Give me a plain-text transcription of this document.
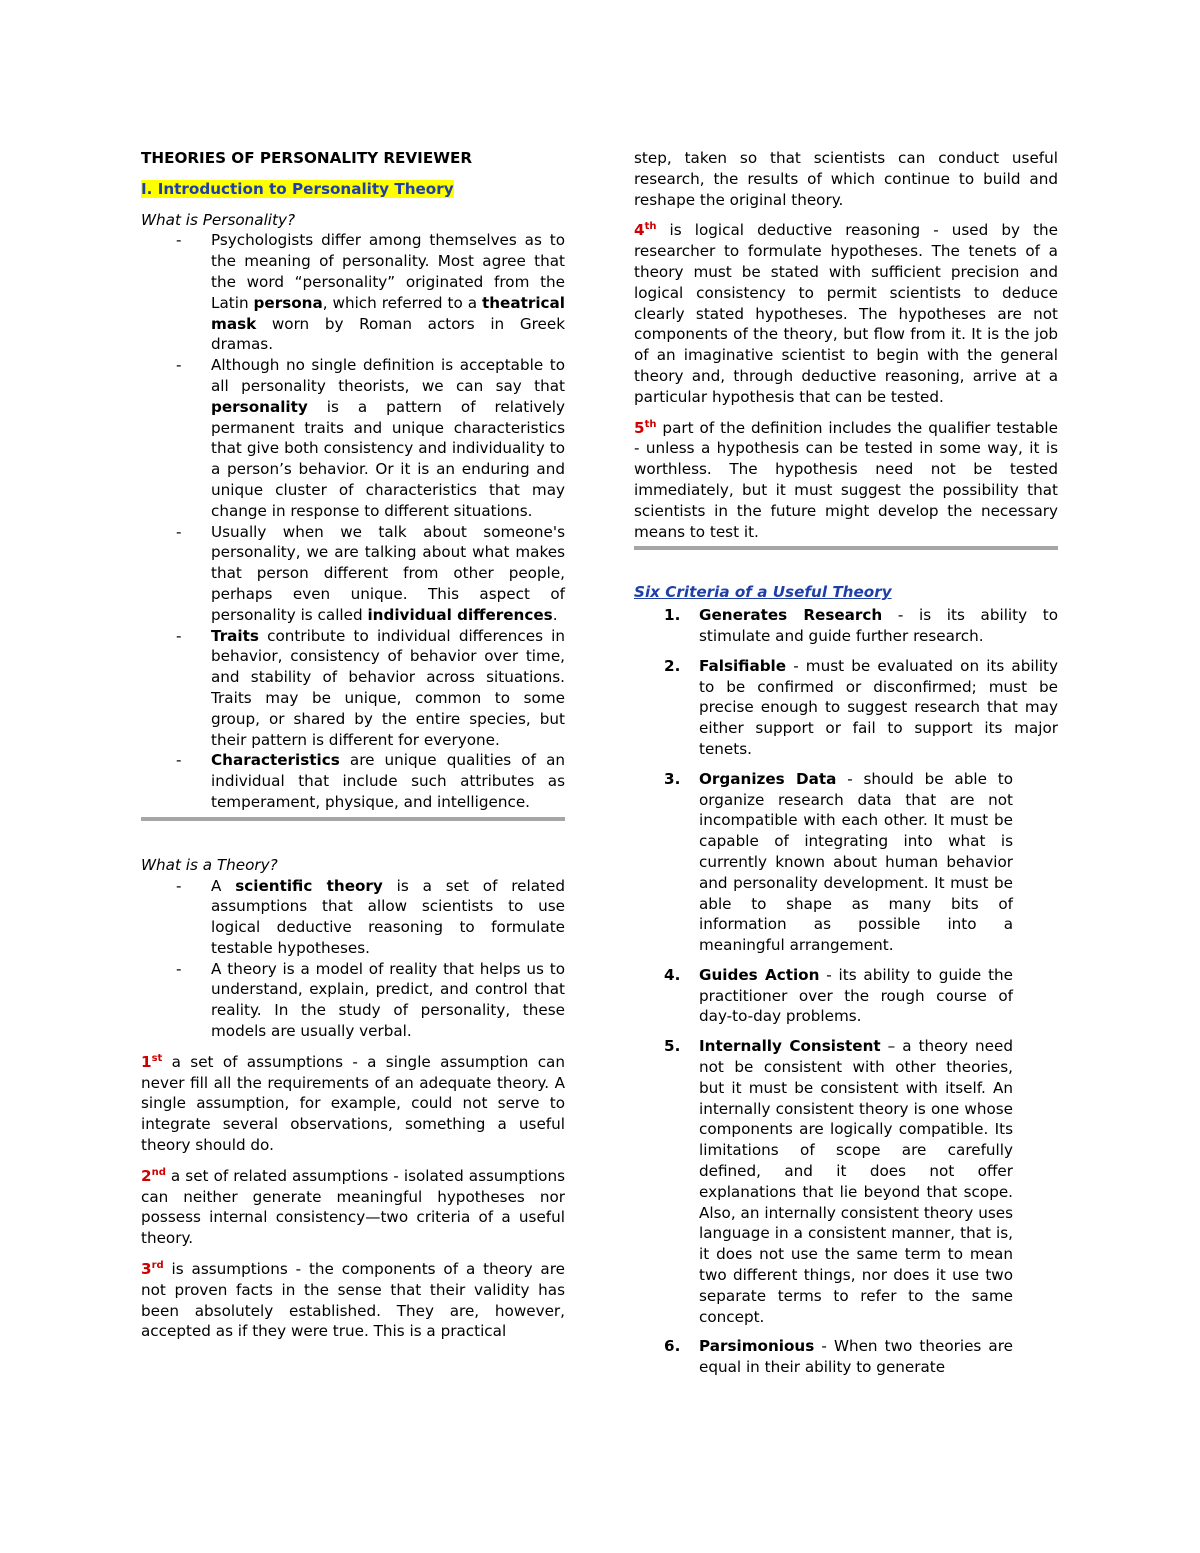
THEORIES OF PERSONALITY REVIEWER
I. Introduction to Personality Theory
What is Personality?
- Psychologists differ among themselves as to the meaning of personality. Most agree that the word “personality” originated from the Latin persona, which referred to a theatrical mask worn by Roman actors in Greek dramas.
- Although no single definition is acceptable to all personality theorists, we can say that personality is a pattern of relatively permanent traits and unique characteristics that give both consistency and individuality to a person’s behavior. Or it is an enduring and unique cluster of characteristics that may change in response to different situations.
- Usually when we talk about someone's personality, we are talking about what makes that person different from other people, perhaps even unique. This aspect of personality is called individual differences.
- Traits contribute to individual differences in behavior, consistency of behavior over time, and stability of behavior across situations. Traits may be unique, common to some group, or shared by the entire species, but their pattern is different for everyone.
- Characteristics are unique qualities of an individual that include such attributes as temperament, physique, and intelligence.
What is a Theory?
- A scientific theory is a set of related assumptions that allow scientists to use logical deductive reasoning to formulate testable hypotheses.
- A theory is a model of reality that helps us to understand, explain, predict, and control that reality. In the study of personality, these models are usually verbal.

1st a set of assumptions - a single assumption can never fill all the requirements of an adequate theory. A single assumption, for example, could not serve to integrate several observations, something a useful theory should do.

2nd a set of related assumptions - isolated assumptions can neither generate meaningful hypotheses nor possess internal consistency—two criteria of a useful theory.

3rd is assumptions - the components of a theory are not proven facts in the sense that their validity has been absolutely established. They are, however, accepted as if they were true. This is a practical

step, taken so that scientists can conduct useful research, the results of which continue to build and reshape the original theory.

4th is logical deductive reasoning - used by the researcher to formulate hypotheses. The tenets of a theory must be stated with sufficient precision and logical consistency to permit scientists to deduce clearly stated hypotheses. The hypotheses are not components of the theory, but flow from it. It is the job of an imaginative scientist to begin with the general theory and, through deductive reasoning, arrive at a particular hypothesis that can be tested.

5th part of the definition includes the qualifier testable - unless a hypothesis can be tested in some way, it is worthless. The hypothesis need not be tested immediately, but it must suggest the possibility that scientists in the future might develop the necessary means to test it.

Six Criteria of a Useful Theory
1. Generates Research - is its ability to stimulate and guide further research.
2. Falsifiable - must be evaluated on its ability to be confirmed or disconfirmed; must be precise enough to suggest research that may either support or fail to support its major tenets.
3. Organizes Data - should be able to organize research data that are not incompatible with each other. It must be capable of integrating into what is currently known about human behavior and personality development. It must be able to shape as many bits of information as possible into a meaningful arrangement.
4. Guides Action - its ability to guide the practitioner over the rough course of day-to-day problems.
5. Internally Consistent – a theory need not be consistent with other theories, but it must be consistent with itself. An internally consistent theory is one whose components are logically compatible. Its limitations of scope are carefully defined, and it does not offer explanations that lie beyond that scope. Also, an internally consistent theory uses language in a consistent manner, that is, it does not use the same term to mean two different things, nor does it use two separate terms to refer to the same concept.
6. Parsimonious - When two theories are equal in their ability to generate
